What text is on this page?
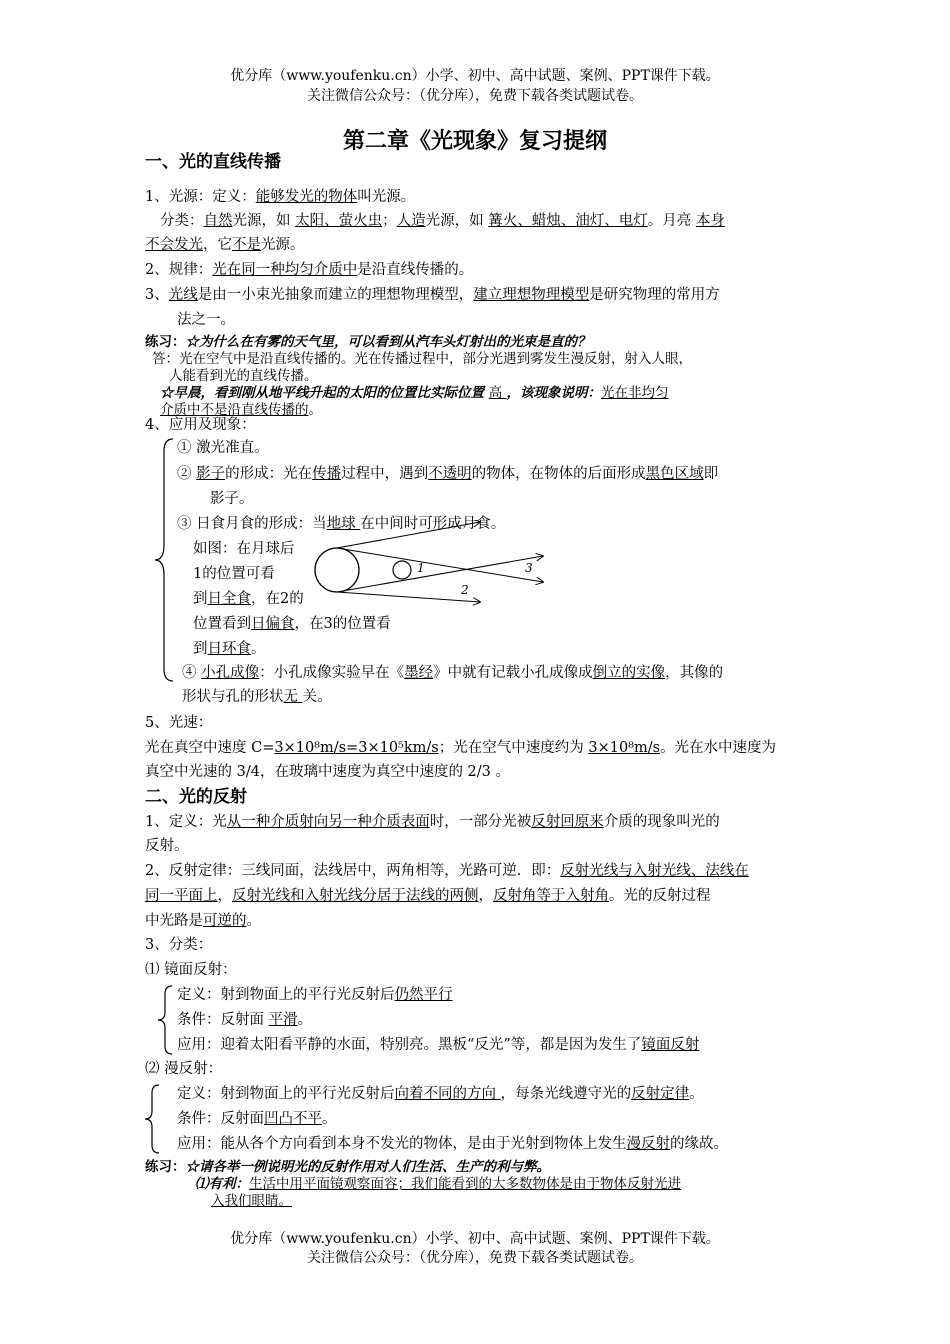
优分库（www.youfenku.cn）小学、初中、高中试题、案例、PPT课件下载。
关注微信公众号：（优分库），免费下载各类试题试卷。
第二章《光现象》复习提纲
一、光的直线传播
1、光源：定义：能够发光的物体叫光源。
分类：自然光源，如 太阳、萤火虫；人造光源，如 篝火、蜡烛、油灯、电灯。月亮 本身
不会发光，它不是光源。
2、规律：光在同一种均匀介质中是沿直线传播的。
3、光线是由一小束光抽象而建立的理想物理模型，建立理想物理模型是研究物理的常用方
法之一。
练习：☆为什么在有雾的天气里，可以看到从汽车头灯射出的光束是直的？
答：光在空气中是沿直线传播的。光在传播过程中，部分光遇到雾发生漫反射，射入人眼，
人能看到光的直线传播。
☆早晨，看到刚从地平线升起的太阳的位置比实际位置 高 ，该现象说明：光在非均匀
介质中不是沿直线传播的。
4、应用及现象：
① 激光准直。
② 影子的形成：光在传播过程中，遇到不透明的物体，在物体的后面形成黑色区域即
影子。
③ 日食月食的形成：当地球 在中间时可形成月食。
如图：在月球后
1的位置可看
到日全食，在2的
位置看到日偏食，在3的位置看
到日环食。
1
2
3
④ 小孔成像：小孔成像实验早在《墨经》中就有记载小孔成像成倒立的实像，其像的
形状与孔的形状无 关。
5、光速：
光在真空中速度 C=3×10⁸m/s=3×10⁵km/s；光在空气中速度约为 3×10⁸m/s。光在水中速度为
真空中光速的 3/4，在玻璃中速度为真空中速度的 2/3 。
二、光的反射
1、定义：光从一种介质射向另一种介质表面时，一部分光被反射回原来介质的现象叫光的
反射。
2、反射定律：三线同面，法线居中，两角相等，光路可逆．即：反射光线与入射光线、法线在
同一平面上，反射光线和入射光线分居于法线的两侧，反射角等于入射角。光的反射过程
中光路是可逆的。
3、分类：
⑴ 镜面反射：
定义：射到物面上的平行光反射后仍然平行
条件：反射面 平滑。
应用：迎着太阳看平静的水面，特别亮。黑板“反光”等，都是因为发生了镜面反射
⑵ 漫反射：
定义：射到物面上的平行光反射后向着不同的方向 ，每条光线遵守光的反射定律。
条件：反射面凹凸不平。
应用：能从各个方向看到本身不发光的物体，是由于光射到物体上发生漫反射的缘故。
练习：☆请各举一例说明光的反射作用对人们生活、生产的利与弊。
⑴有利：生活中用平面镜观察面容；我们能看到的大多数物体是由于物体反射光进
入我们眼睛。
优分库（www.youfenku.cn）小学、初中、高中试题、案例、PPT课件下载。
关注微信公众号：（优分库），免费下载各类试题试卷。
